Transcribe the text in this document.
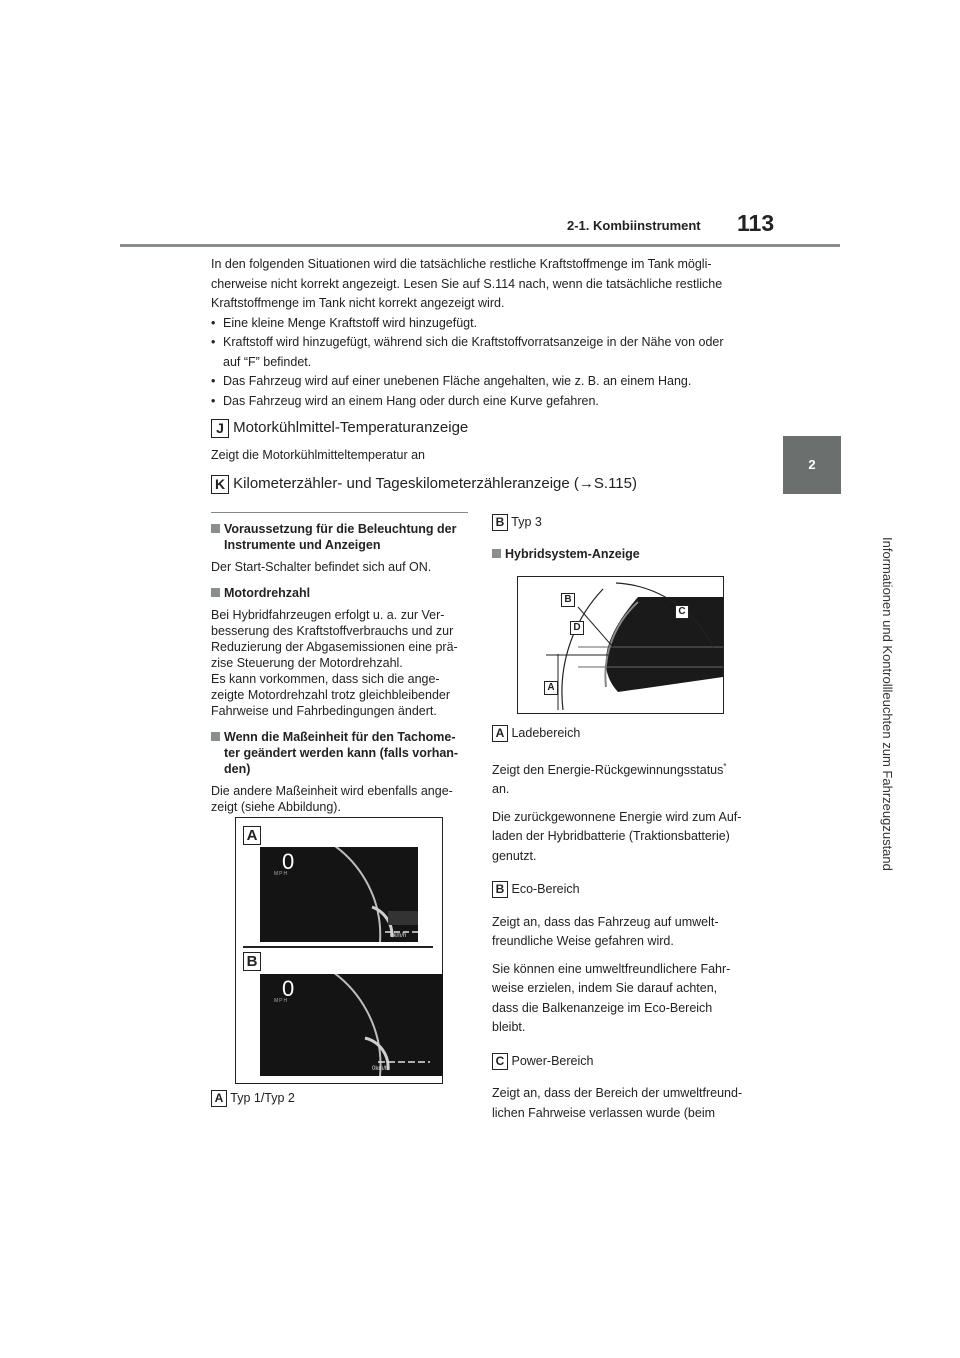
2-1. Kombiinstrument 113
2
Informationen und Kontrollleuchten zum Fahrzeugzustand
In den folgenden Situationen wird die tatsächliche restliche Kraftstoffmenge im Tank mögli-
cherweise nicht korrekt angezeigt. Lesen Sie auf S.114 nach, wenn die tatsächliche restliche
Kraftstoffmenge im Tank nicht korrekt angezeigt wird.
• Eine kleine Menge Kraftstoff wird hinzugefügt.
• Kraftstoff wird hinzugefügt, während sich die Kraftstoffvorratsanzeige in der Nähe von oder
auf “F” befindet.
• Das Fahrzeug wird auf einer unebenen Fläche angehalten, wie z. B. an einem Hang.
• Das Fahrzeug wird an einem Hang oder durch eine Kurve gefahren.
J Motorkühlmittel-Temperaturanzeige
Zeigt die Motorkühlmitteltemperatur an
K Kilometerzähler- und Tageskilometerzähleranzeige (→S.115)
Voraussetzung für die Beleuchtung der
Instrumente und Anzeigen
Der Start-Schalter befindet sich auf ON.
Motordrehzahl
Bei Hybridfahrzeugen erfolgt u. a. zur Ver-
besserung des Kraftstoffverbrauchs und zur
Reduzierung der Abgasemissionen eine prä-
zise Steuerung der Motordrehzahl.
Es kann vorkommen, dass sich die ange-
zeigte Motordrehzahl trotz gleichbleibender
Fahrweise und Fahrbedingungen ändert.
Wenn die Maßeinheit für den Tachome-
ter geändert werden kann (falls vorhan-
den)
Die andere Maßeinheit wird ebenfalls ange-
zeigt (siehe Abbildung).
A
0
MPH
0km/h
B
0
MPH
0km/h
A Typ 1/Typ 2
B Typ 3
Hybridsystem-Anzeige
B
C
D
A
A Ladebereich
Zeigt den Energie-Rückgewinnungsstatus*
an.
Die zurückgewonnene Energie wird zum Auf-
laden der Hybridbatterie (Traktionsbatterie)
genutzt.
B Eco-Bereich
Zeigt an, dass das Fahrzeug auf umwelt-
freundliche Weise gefahren wird.
Sie können eine umweltfreundlichere Fahr-
weise erzielen, indem Sie darauf achten,
dass die Balkenanzeige im Eco-Bereich
bleibt.
C Power-Bereich
Zeigt an, dass der Bereich der umweltfreund-
lichen Fahrweise verlassen wurde (beim
